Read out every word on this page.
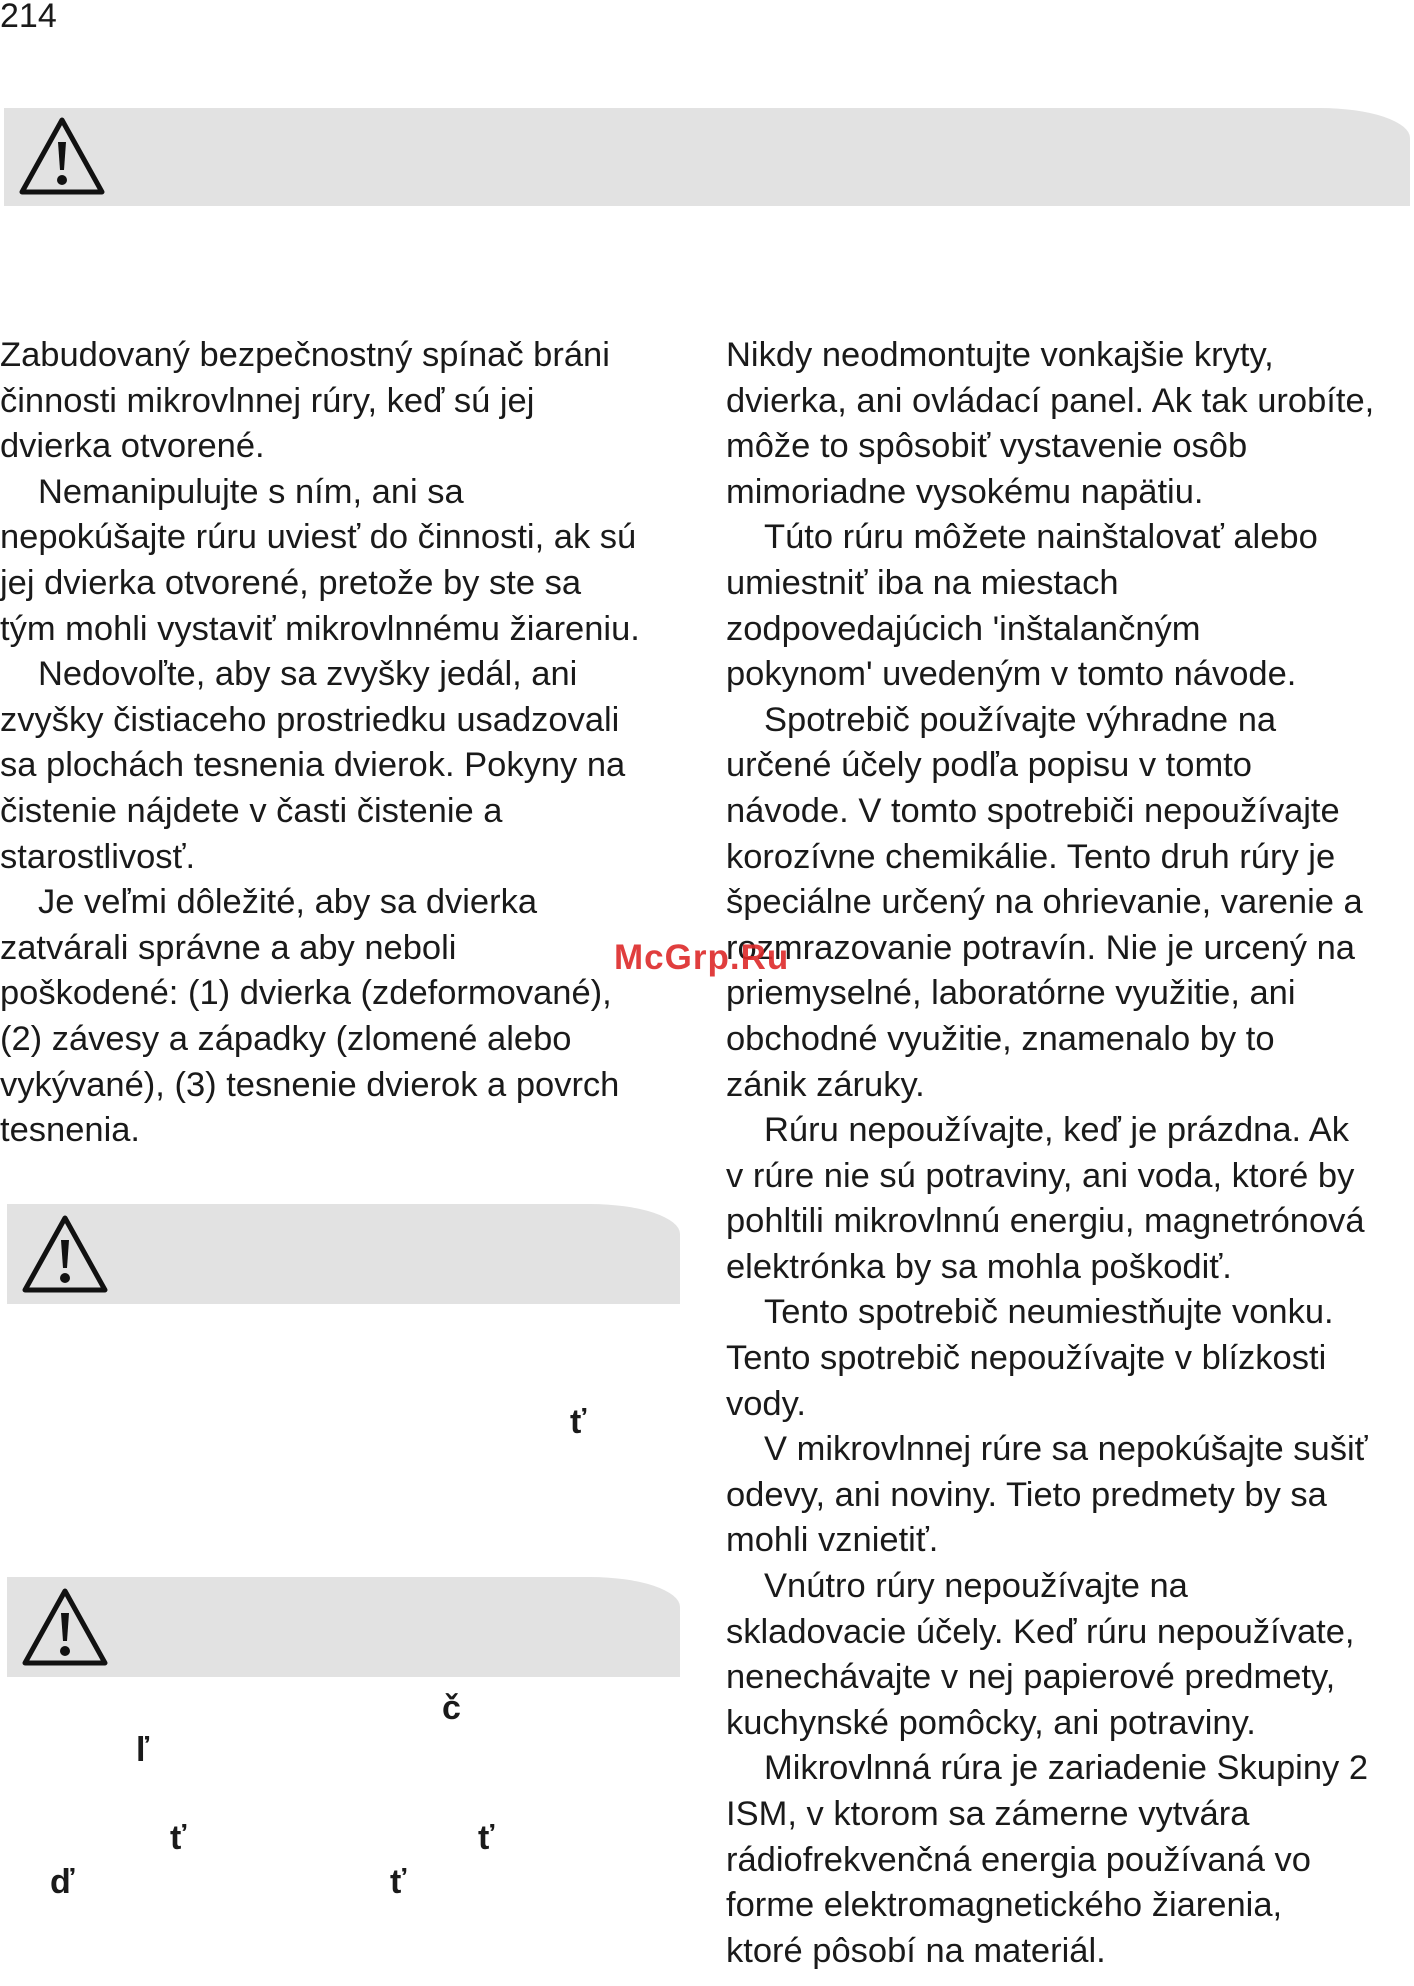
214

Zabudovaný bezpečnostný spínač bráni

činnosti mikrovlnnej rúry, keď sú jej

dvierka otvorené.

Nemanipulujte s ním, ani sa

nepokúšajte rúru uviesť do činnosti, ak sú

jej dvierka otvorené, pretože by ste sa

tým mohli vystaviť mikrovlnnému žiareniu.

Nedovoľte, aby sa zvyšky jedál, ani

zvyšky čistiaceho prostriedku usadzovali

sa plochách tesnenia dvierok. Pokyny na

čistenie nájdete v časti čistenie a

starostlivosť.

Je veľmi dôležité, aby sa dvierka

zatvárali správne a aby neboli

poškodené: (1) dvierka (zdeformované),

(2) závesy a západky (zlomené alebo

vykývané), (3) tesnenie dvierok a povrch

tesnenia.

Nikdy neodmontujte vonkajšie kryty,

dvierka, ani ovládací panel. Ak tak urobíte,

môže to spôsobiť vystavenie osôb

mimoriadne vysokému napätiu.

Túto rúru môžete nainštalovať alebo

umiestniť iba na miestach

zodpovedajúcich 'inštalančným

pokynom' uvedeným v tomto návode.

Spotrebič používajte výhradne na

určené účely podľa popisu v tomto

návode. V tomto spotrebiči nepoužívajte

korozívne chemikálie. Tento druh rúry je

špeciálne určený na ohrievanie, varenie a

rozmrazovanie potravín. Nie je urcený na

priemyselné, laboratórne využitie, ani

obchodné využitie, znamenalo by to

zánik záruky.

Rúru nepoužívajte, keď je prázdna. Ak

v rúre nie sú potraviny, ani voda, ktoré by

pohltili mikrovlnnú energiu, magnetrónová

elektrónka by sa mohla poškodiť.

Tento spotrebič neumiestňujte vonku.

Tento spotrebič nepoužívajte v blízkosti

vody.

V mikrovlnnej rúre sa nepokúšajte sušiť

odevy, ani noviny. Tieto predmety by sa

mohli vznietiť.

Vnútro rúry nepoužívajte na

skladovacie účely. Keď rúru nepoužívate,

nenechávajte v nej papierové predmety,

kuchynské pomôcky, ani potraviny.

Mikrovlnná rúra je zariadenie Skupiny 2

ISM, v ktorom sa zámerne vytvára

rádiofrekvenčná energia používaná vo

forme elektromagnetického žiarenia,

ktoré pôsobí na materiál.

ť
č
ľ
ť	ť
ď	ť
McGrp.Ru
